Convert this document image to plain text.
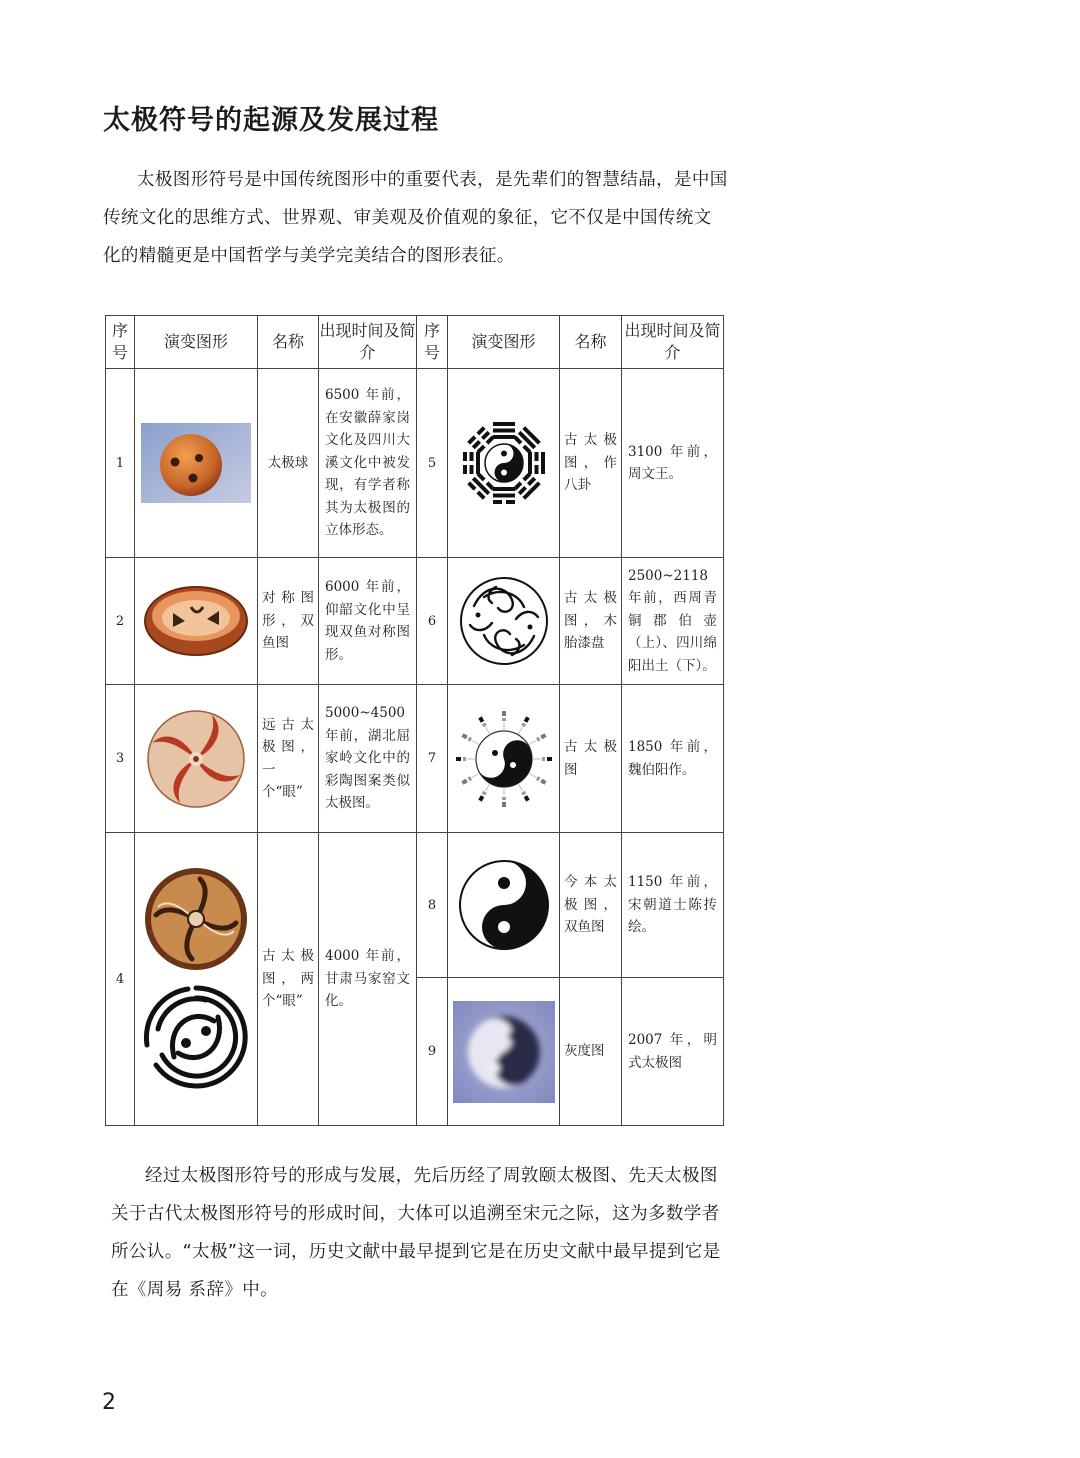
太极符号的起源及发展过程
太极图形符号是中国传统图形中的重要代表，是先辈们的智慧结晶，是中国传统文化的思维方式、世界观、审美观及价值观的象征，它不仅是中国传统文化的精髓更是中国哲学与美学完美结合的图形表征。
序号	演变图形	名称	出现时间及简介	序号	演变图形	名称	出现时间及简介
1		太极球	6500 年前，在安徽薛家岗文化及四川大溪文化中被发现，有学者称其为太极图的立体形态。	5		古太极图，作八卦	3100 年前，周文王。
2		对称图形，双鱼图	6000 年前，仰韶文化中呈现双鱼对称图形。	6		古太极图，木胎漆盘	2500~2118 年前，西周青铜郡伯壶（上）、四川绵阳出土（下）。
3		远古太极图，一个“眼”	5000~4500 年前，湖北屈家岭文化中的彩陶图案类似太极图。	7		古太极图	1850 年前，魏伯阳作。
4		古太极图，两个“眼”	4000 年前，甘肃马家窑文化。	8		今本太极图，双鱼图	1150 年前，宋朝道士陈抟绘。
				9		灰度图	2007 年，明式太极图
经过太极图形符号的形成与发展，先后历经了周敦颐太极图、先天太极图关于古代太极图形符号的形成时间，大体可以追溯至宋元之际，这为多数学者所公认。“太极”这一词，历史文献中最早提到它是在历史文献中最早提到它是在《周易 系辞》中。
2
